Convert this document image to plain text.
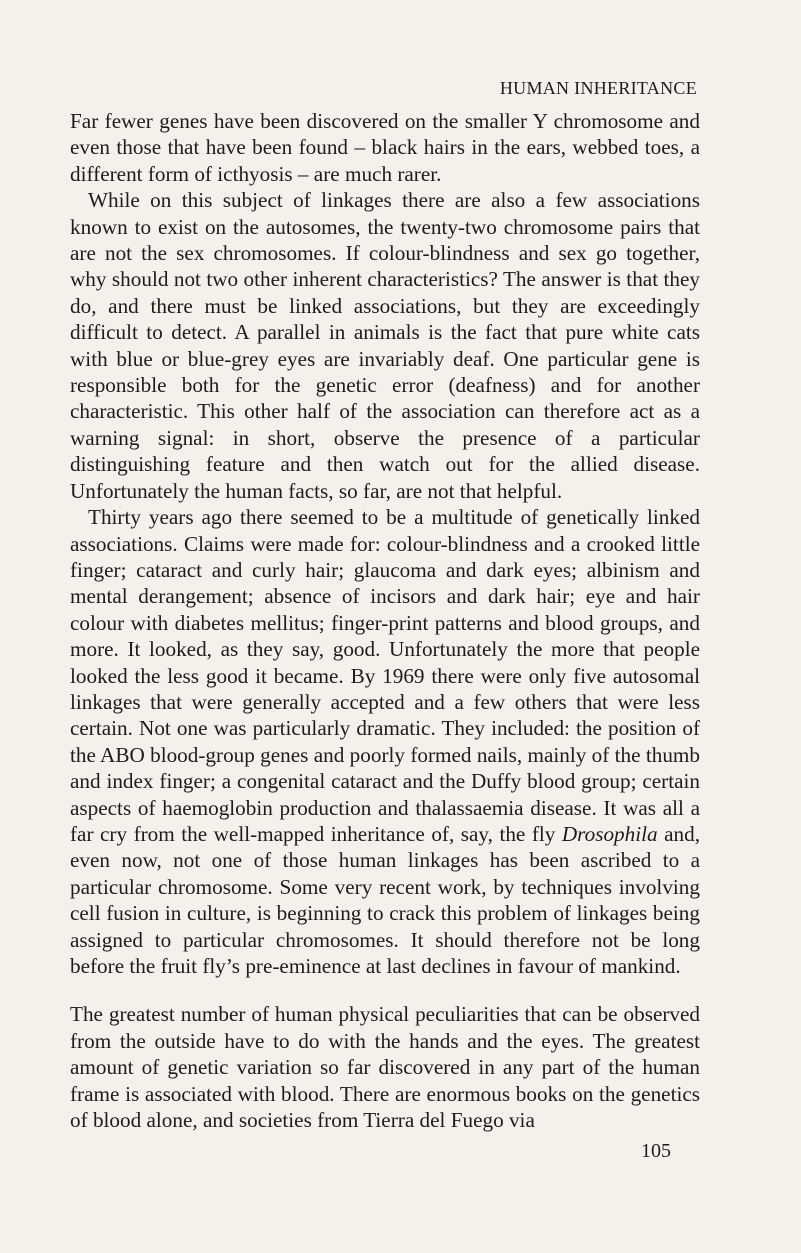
HUMAN INHERITANCE

Far fewer genes have been discovered on the smaller Y chromosome and even those that have been found – black hairs in the ears, webbed toes, a different form of icthyosis – are much rarer.

While on this subject of linkages there are also a few associations known to exist on the autosomes, the twenty-two chromosome pairs that are not the sex chromosomes. If colour-blindness and sex go together, why should not two other inherent characteristics? The answer is that they do, and there must be linked associations, but they are exceedingly difficult to detect. A parallel in animals is the fact that pure white cats with blue or blue-grey eyes are invariably deaf. One particular gene is responsible both for the genetic error (deafness) and for another characteristic. This other half of the association can therefore act as a warning signal: in short, observe the presence of a particular distinguishing feature and then watch out for the allied disease. Unfortunately the human facts, so far, are not that helpful.

Thirty years ago there seemed to be a multitude of genetically linked associations. Claims were made for: colour-blindness and a crooked little finger; cataract and curly hair; glaucoma and dark eyes; albinism and mental derangement; absence of incisors and dark hair; eye and hair colour with diabetes mellitus; finger-print patterns and blood groups, and more. It looked, as they say, good. Unfortunately the more that people looked the less good it became. By 1969 there were only five autosomal linkages that were generally accepted and a few others that were less certain. Not one was particularly dramatic. They included: the position of the ABO blood-group genes and poorly formed nails, mainly of the thumb and index finger; a congenital cataract and the Duffy blood group; certain aspects of haemoglobin production and thalassaemia disease. It was all a far cry from the well-mapped inheritance of, say, the fly Drosophila and, even now, not one of those human linkages has been ascribed to a particular chromosome. Some very recent work, by techniques involving cell fusion in culture, is beginning to crack this problem of linkages being assigned to particular chromosomes. It should therefore not be long before the fruit fly’s pre-eminence at last declines in favour of mankind.

The greatest number of human physical peculiarities that can be observed from the outside have to do with the hands and the eyes. The greatest amount of genetic variation so far discovered in any part of the human frame is associated with blood. There are enormous books on the genetics of blood alone, and societies from Tierra del Fuego via

105
